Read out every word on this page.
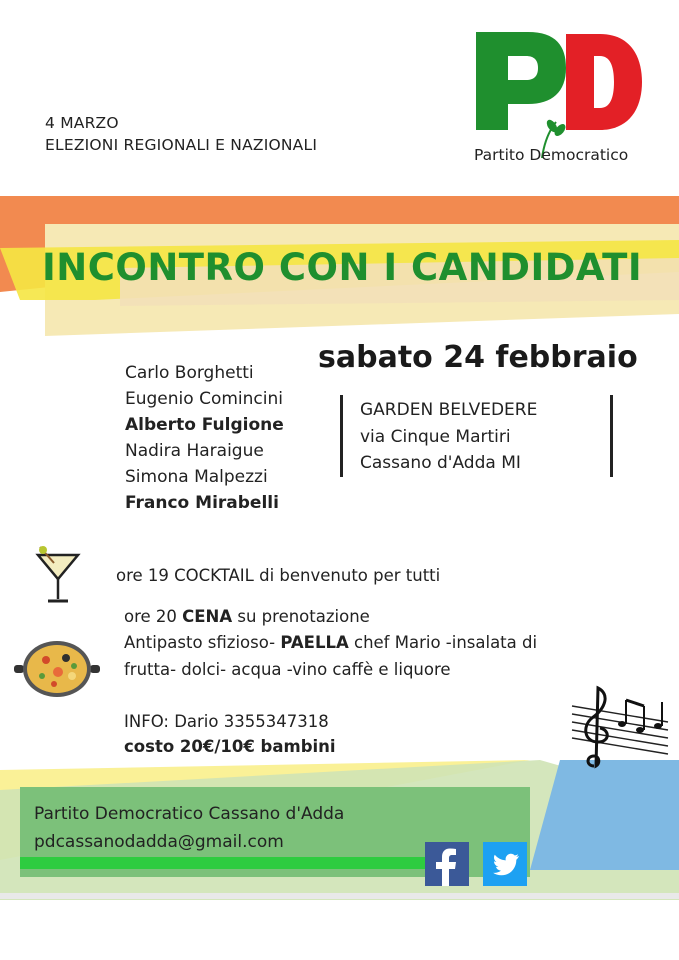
4 MARZO
ELEZIONI REGIONALI E NAZIONALI
Partito Democratico
INCONTRO CON I CANDIDATI
sabato 24 febbraio
Carlo Borghetti
Eugenio Comincini
Alberto Fulgione
Nadira Haraigue
Simona Malpezzi
Franco Mirabelli
GARDEN BELVEDERE
via Cinque Martiri
Cassano d'Adda MI
ore 19 COCKTAIL di benvenuto per tutti
ore 20 CENA su prenotazione
Antipasto sfizioso- PAELLA chef Mario -insalata di
frutta- dolci- acqua -vino caffè e liquore
INFO: Dario 3355347318
costo 20€/10€ bambini
Partito Democratico Cassano d'Adda
pdcassanodadda@gmail.com
